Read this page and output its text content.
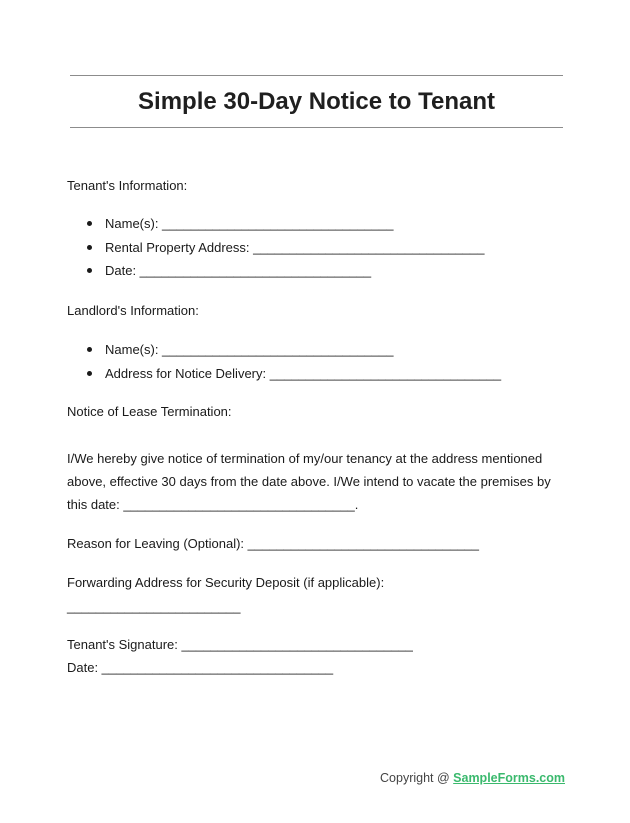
Simple 30-Day Notice to Tenant

Tenant's Information:

Name(s): ________________________________
Rental Property Address: ________________________________
Date: ________________________________

Landlord's Information:

Name(s): ________________________________
Address for Notice Delivery: ________________________________

Notice of Lease Termination:

I/We hereby give notice of termination of my/our tenancy at the address mentioned above, effective 30 days from the date above. I/We intend to vacate the premises by this date: ________________________________.

Reason for Leaving (Optional): ________________________________

Forwarding Address for Security Deposit (if applicable):

________________________

Tenant's Signature: ________________________________

Date: ________________________________

Copyright @ SampleForms.com
